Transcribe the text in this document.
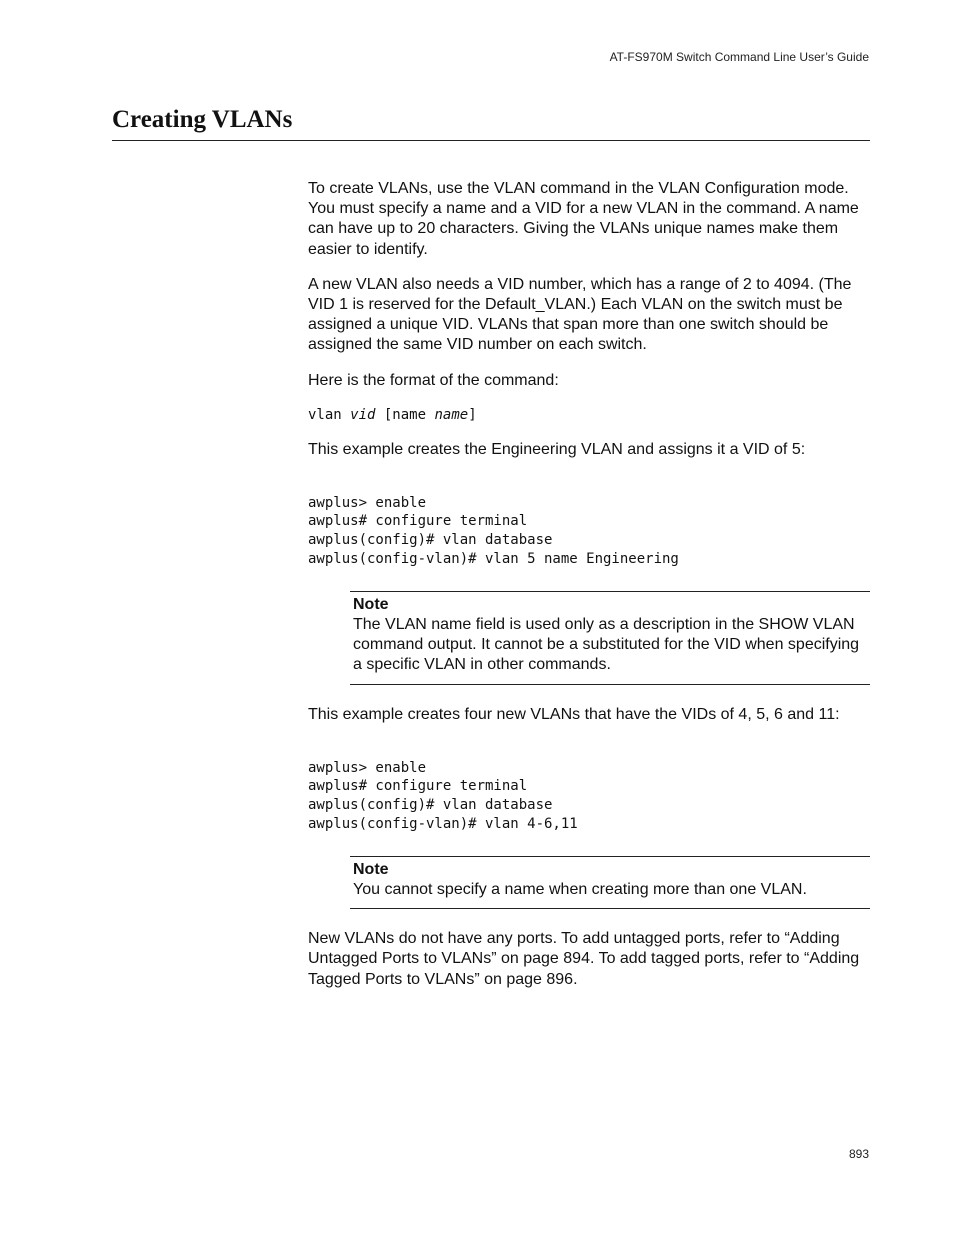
AT-FS970M Switch Command Line User’s Guide
Creating VLANs

To create VLANs, use the VLAN command in the VLAN Configuration mode. You must specify a name and a VID for a new VLAN in the command. A name can have up to 20 characters. Giving the VLANs unique names make them easier to identify.

A new VLAN also needs a VID number, which has a range of 2 to 4094. (The VID 1 is reserved for the Default_VLAN.) Each VLAN on the switch must be assigned a unique VID. VLANs that span more than one switch should be assigned the same VID number on each switch.

Here is the format of the command:

vlan vid [name name]

This example creates the Engineering VLAN and assigns it a VID of 5:

awplus> enable
awplus# configure terminal
awplus(config)# vlan database
awplus(config-vlan)# vlan 5 name Engineering
Note
The VLAN name field is used only as a description in the SHOW VLAN command output. It cannot be a substituted for the VID when specifying a specific VLAN in other commands.

This example creates four new VLANs that have the VIDs of 4, 5, 6 and 11:

awplus> enable
awplus# configure terminal
awplus(config)# vlan database
awplus(config-vlan)# vlan 4-6,11
Note
You cannot specify a name when creating more than one VLAN.

New VLANs do not have any ports. To add untagged ports, refer to “Adding Untagged Ports to VLANs” on page 894. To add tagged ports, refer to “Adding Tagged Ports to VLANs” on page 896.

893
